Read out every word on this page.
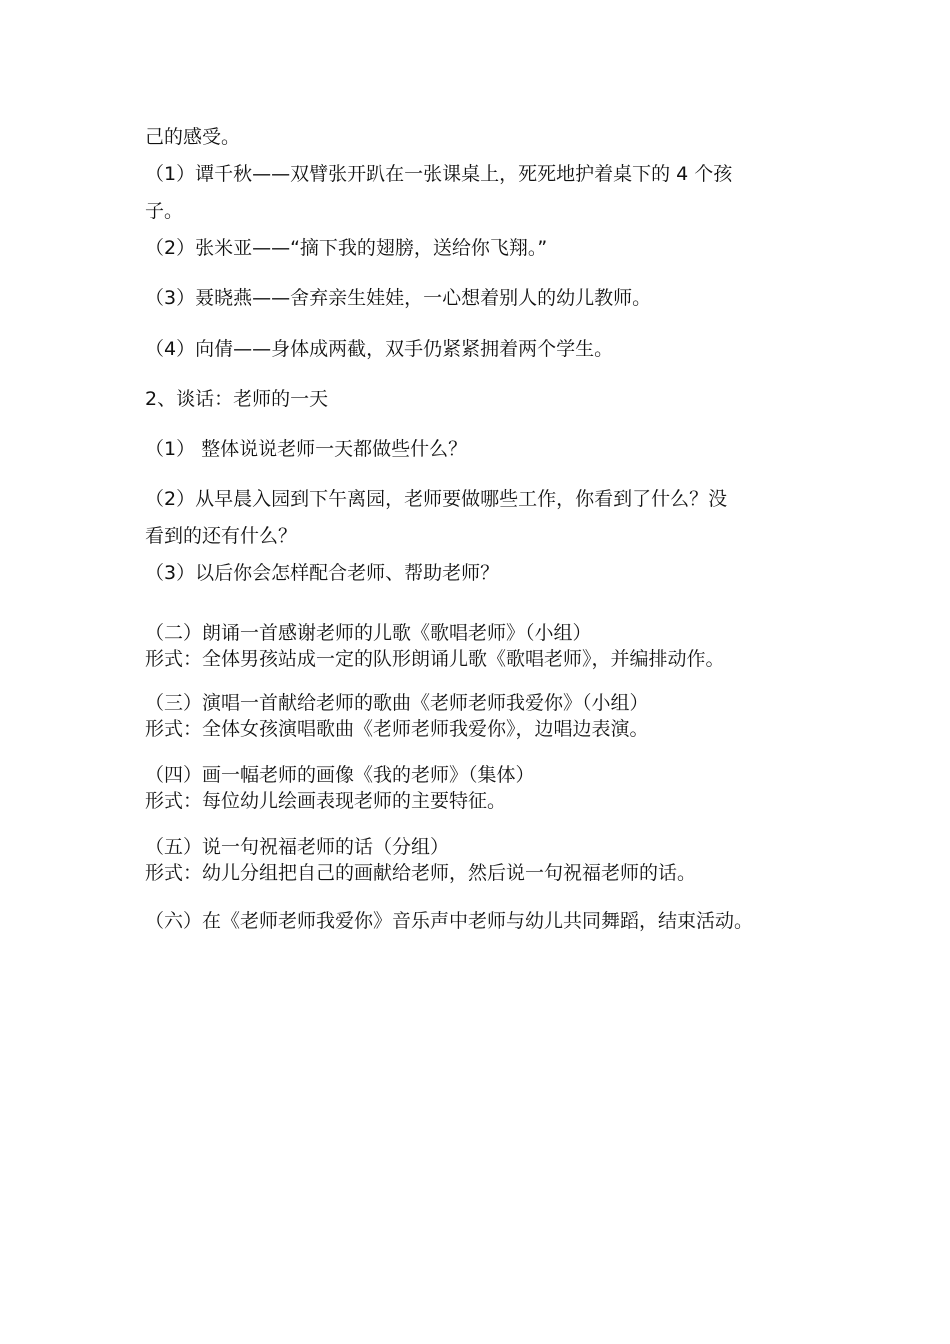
己的感受。
（1）谭千秋——双臂张开趴在一张课桌上，死死地护着桌下的 4 个孩
子。
（2）张米亚——“摘下我的翅膀，送给你飞翔。”
（3）聂晓燕——舍弃亲生娃娃，一心想着别人的幼儿教师。
（4）向倩——身体成两截，双手仍紧紧拥着两个学生。
2、谈话：老师的一天
（1） 整体说说老师一天都做些什么？
（2）从早晨入园到下午离园，老师要做哪些工作，你看到了什么？没
看到的还有什么？
（3）以后你会怎样配合老师、帮助老师？
（二）朗诵一首感谢老师的儿歌《歌唱老师》（小组）
形式：全体男孩站成一定的队形朗诵儿歌《歌唱老师》，并编排动作。
（三）演唱一首献给老师的歌曲《老师老师我爱你》（小组）
形式：全体女孩演唱歌曲《老师老师我爱你》，边唱边表演。
（四）画一幅老师的画像《我的老师》（集体）
形式：每位幼儿绘画表现老师的主要特征。
（五）说一句祝福老师的话（分组）
形式：幼儿分组把自己的画献给老师，然后说一句祝福老师的话。
（六）在《老师老师我爱你》音乐声中老师与幼儿共同舞蹈，结束活动。
